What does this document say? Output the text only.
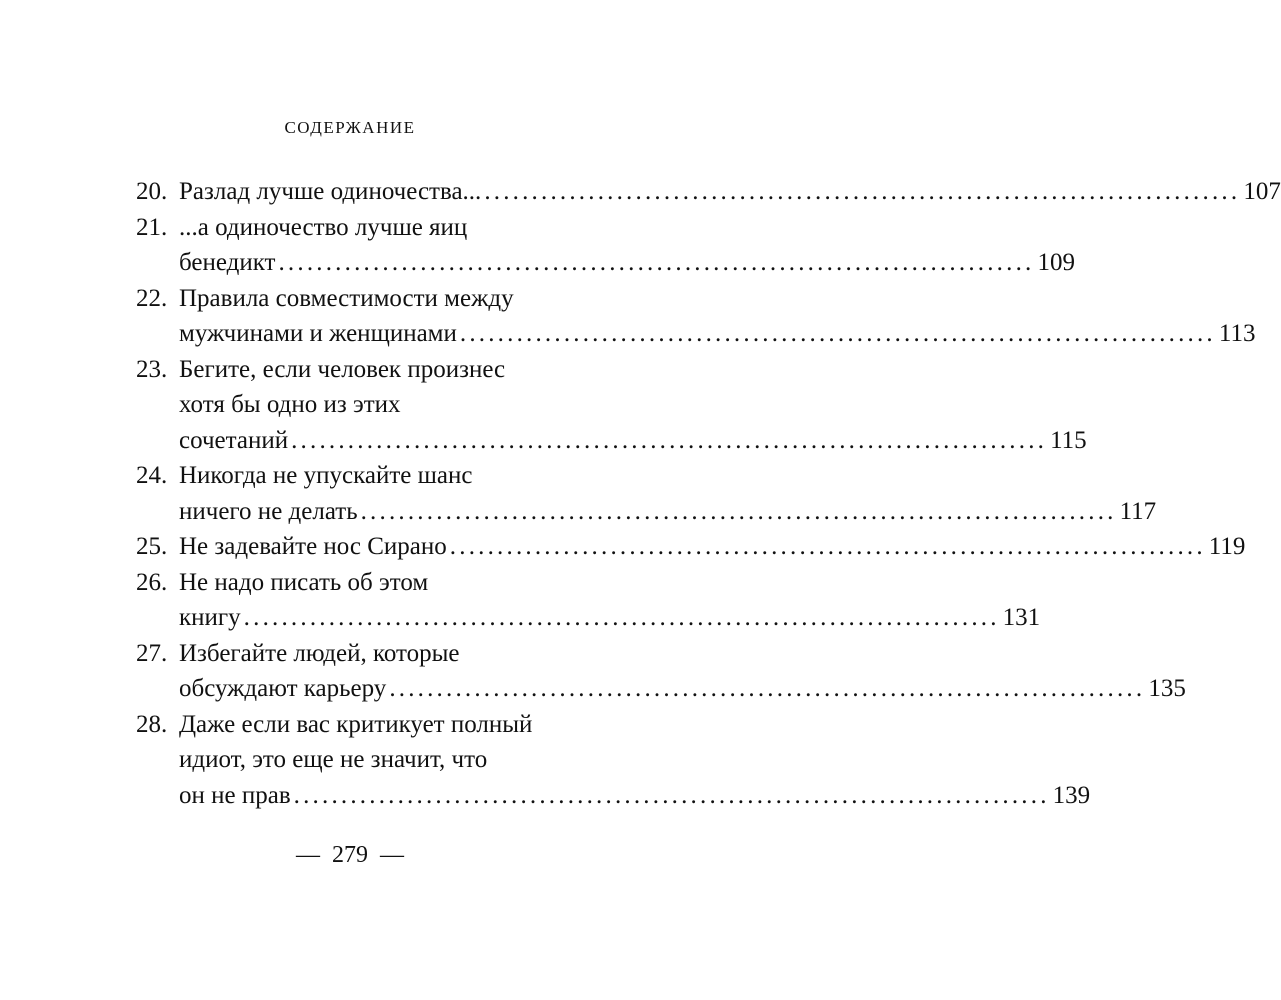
СОДЕРЖАНИЕ
20. Разлад лучше одиночества... ................................................................................ 107
21. ...а одиночество лучше яиц
бенедикт ................................................................................ 109
22. Правила совместимости между
мужчинами и женщинами ................................................................................ 113
23. Бегите, если человек произнес
хотя бы одно из этих
сочетаний ................................................................................ 115
24. Никогда не упускайте шанс
ничего не делать ................................................................................ 117
25. Не задевайте нос Сирано ................................................................................ 119
26. Не надо писать об этом
книгу ................................................................................ 131
27. Избегайте людей, которые
обсуждают карьеру ................................................................................ 135
28. Даже если вас критикует полный
идиот, это еще не значит, что
он не прав ................................................................................ 139
— 279 —
